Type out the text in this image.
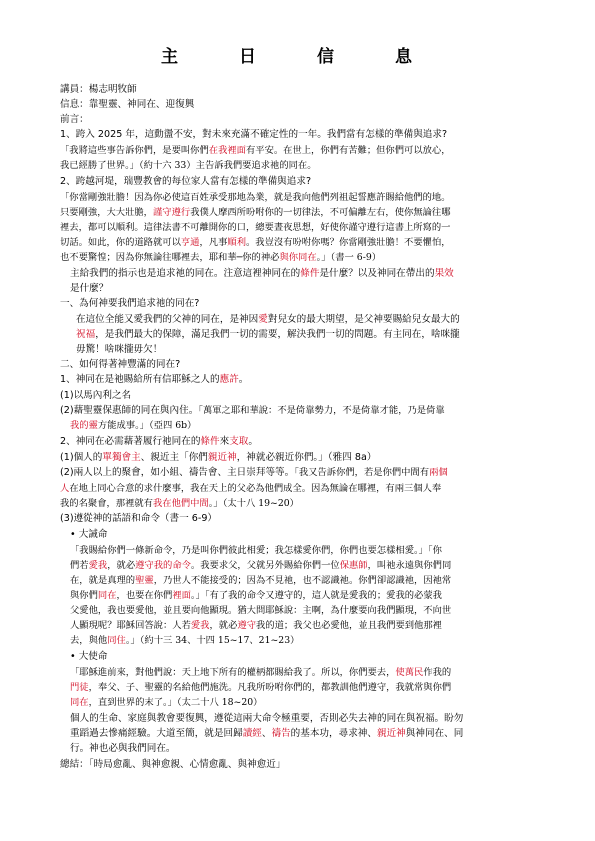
主　日　信　息
講員：楊志明牧師
信息：靠聖靈、神同在、迎復興
前言：
1、跨入 2025 年，這動盪不安，對未來充滿不確定性的一年。我們當有怎樣的準備與追求?
「我將這些事告訴你們，是要叫你們在我裡面有平安。在世上，你們有苦難；但你們可以放心，
我已經勝了世界。」（約十六 33）主告訴我們要追求祂的同在。
2、跨越河堤，瑞豐教會的每位家人當有怎樣的準備與追求?
「你當剛強壯膽！因為你必使這百姓承受那地為業，就是我向他們列祖起誓應許賜給他們的地。
只要剛強，大大壯膽，謹守遵行我僕人摩西所吩咐你的一切律法，不可偏離左右，使你無論往哪
裡去，都可以順利。這律法書不可離開你的口，總要晝夜思想，好使你謹守遵行這書上所寫的一
切話。如此，你的道路就可以亨通，凡事順利。我豈沒有吩咐你嗎？你當剛強壯膽！不要懼怕，
也不要驚惶；因為你無論往哪裡去，耶和華─你的神必與你同在。」（書一 6-9）
主給我們的指示也是追求祂的同在。注意這裡神同在的條件是什麼？以及神同在帶出的果效
是什麼？
一、為何神要我們追求祂的同在?
在這位全能又愛我們的父神的同在，是神因愛對兒女的最大期望，是父神要賜給兒女最大的
祝福，是我們最大的保障，滿足我們一切的需要，解決我們一切的問題。有主同在，啥咪攏
毋驚！啥咪攏毋欠！
二、如何得著神豐滿的同在?
1、神同在是祂賜給所有信耶穌之人的應許。
(1)以馬內利之名
(2)藉聖靈保惠師的同在與內住。「萬軍之耶和華說：不是倚靠勢力，不是倚靠才能，乃是倚靠
我的靈方能成事。」（亞四 6b）
2、神同在必需藉著履行祂同在的條件來支取。
(1)個人的單獨會主、親近主「你們親近神，神就必親近你們。」（雅四 8a）
(2)兩人以上的聚會，如小組、禱告會、主日崇拜等等。「我又告訴你們，若是你們中間有兩個
人在地上同心合意的求什麼事，我在天上的父必為他們成全。因為無論在哪裡，有兩三個人奉
我的名聚會，那裡就有我在他們中間。」（太十八 19~20）
(3)遵從神的話語和命令（書一 6-9）
• 大誡命
「我賜給你們一條新命令，乃是叫你們彼此相愛；我怎樣愛你們，你們也要怎樣相愛。」「你
們若愛我，就必遵守我的命令。我要求父，父就另外賜給你們一位保惠師，叫祂永遠與你們同
在，就是真理的聖靈，乃世人不能接受的；因為不見祂，也不認識祂。你們卻認識祂，因祂常
與你們同在，也要在你們裡面。」「有了我的命令又遵守的，這人就是愛我的；愛我的必蒙我
父愛他，我也要愛他，並且要向他顯現。猶大問耶穌說：主啊，為什麼要向我們顯現，不向世
人顯現呢？耶穌回答說：人若愛我，就必遵守我的道；我父也必愛他，並且我們要到他那裡
去，與他同住。」（約十三 34、十四 15~17、21~23）
• 大使命
「耶穌進前來，對他們說：天上地下所有的權柄都賜給我了。所以，你們要去，使萬民作我的
門徒，奉父、子、聖靈的名給他們施洗。凡我所吩咐你們的，都教訓他們遵守，我就常與你們
同在，直到世界的末了。」（太二十八 18~20）
個人的生命、家庭與教會要復興，遵從這兩大命令極重要，否則必失去神的同在與祝福。盼勿
重蹈過去慘痛經驗。大道至簡，就是回歸讀經、禱告的基本功，尋求神、親近神與神同在、同
行。神也必與我們同在。
總結：「時局愈亂、與神愈親、心情愈亂、與神愈近」
